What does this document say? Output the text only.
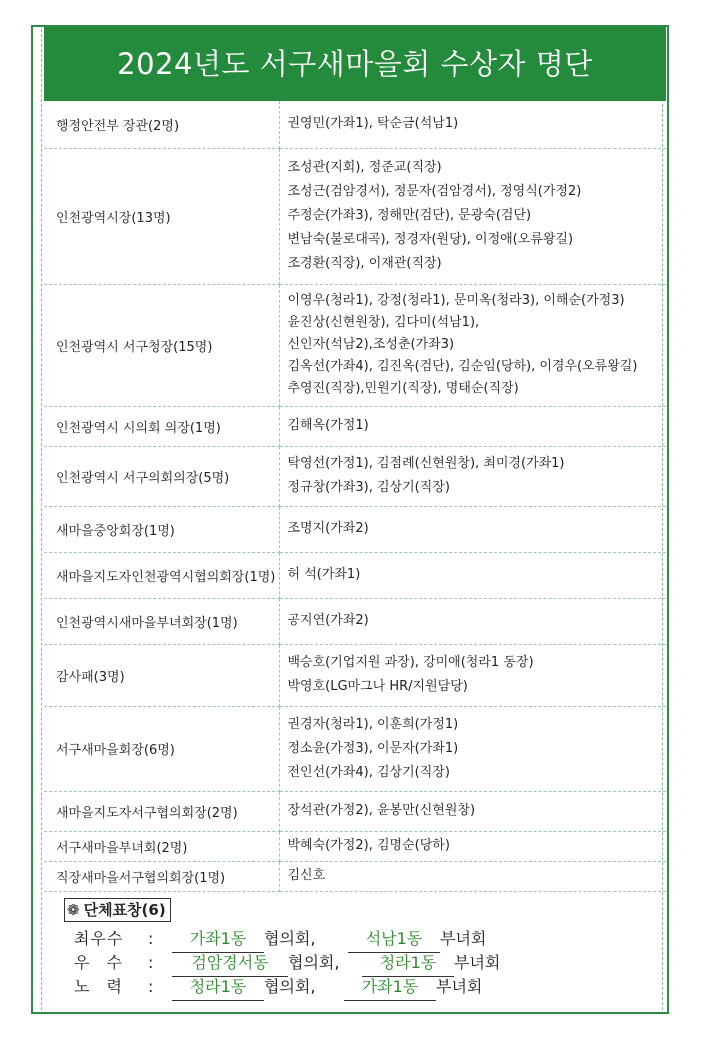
2024년도 서구새마을회 수상자 명단
행정안전부 장관(2명)	권영민(가좌1), 탁순금(석남1)

인천광역시장(13명)	조성관(지회), 정준교(직장)
조성근(검암경서), 정문자(검암경서), 정영식(가정2)
주정순(가좌3), 정해만(검단), 문광숙(검단)
변남숙(불로대곡), 정경자(원당), 이정애(오류왕길)
조경환(직장), 이재관(직장)

인천광역시 서구청장(15명)	이영우(청라1), 강정(청라1), 문미옥(청라3), 이해순(가정3)
윤진상(신현원창), 김다미(석남1),
신인자(석남2),조성춘(가좌3)
김옥선(가좌4), 김진옥(검단), 김순임(당하), 이경우(오류왕길)
추영진(직장),민원기(직장), 명태순(직장)

인천광역시 시의회 의장(1명)	김해옥(가정1)

인천광역시 서구의회의장(5명)	탁영선(가정1), 김점례(신현원창), 최미경(가좌1)
정규창(가좌3), 김상기(직장)

새마을중앙회장(1명)	조명지(가좌2)

새마을지도자인천광역시협의회장(1명)	허 석(가좌1)

인천광역시새마을부녀회장(1명)	공지연(가좌2)

감사패(3명)	백승호(기업지원 과장), 강미애(청라1 동장)
박영호(LG마그나 HR/지원담당)

서구새마을회장(6명)	권경자(청라1), 이훈희(가정1)
정소윤(가정3), 이문자(가좌1)
전인선(가좌4), 김상기(직장)

새마을지도자서구협의회장(2명)	장석관(가정2), 윤봉만(신현원창)

서구새마을부녀회(2명)	박혜숙(가정2), 김명순(당하)

직장새마을서구협의회장(1명)	김신호
❁ 단체표창(6)
최우수 : 가좌1동 협의회,	석남1동 부녀회
우 수 : 검암경서동 협의회,	청라1동 부녀회
노 력 : 청라1동 협의회,	가좌1동 부녀회
